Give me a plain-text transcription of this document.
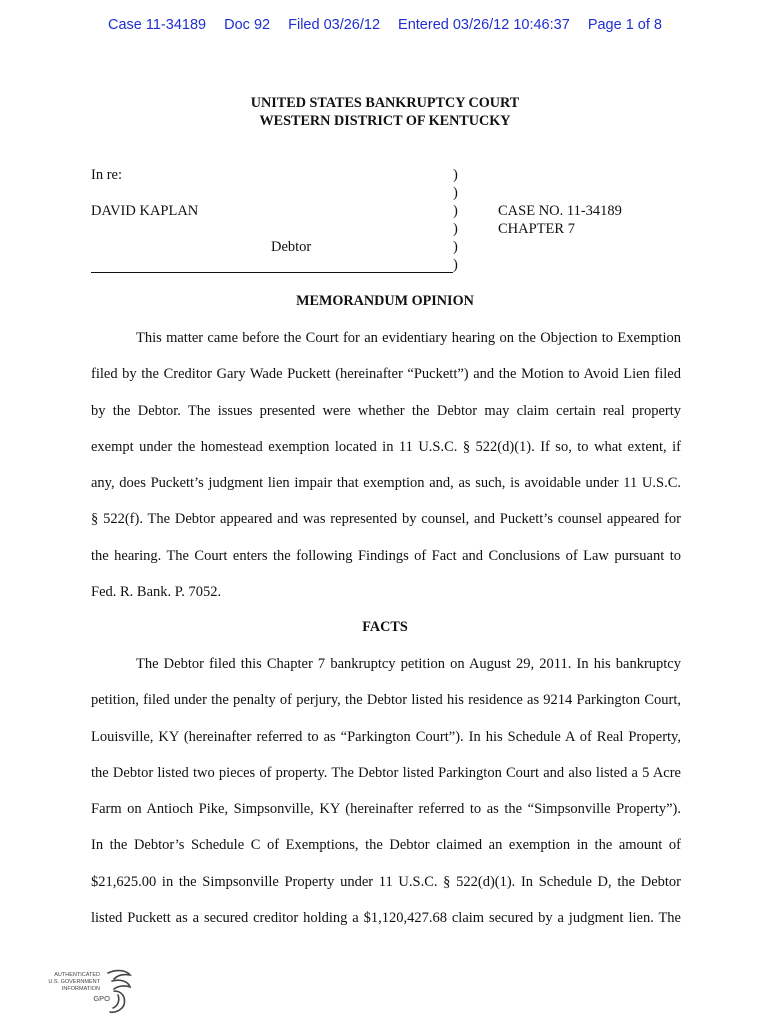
Case 11-34189 Doc 92 Filed 03/26/12 Entered 03/26/12 10:46:37 Page 1 of 8
UNITED STATES BANKRUPTCY COURT
WESTERN DISTRICT OF KENTUCKY
In re:
DAVID KAPLAN
Debtor
)
)
)
)
)
)
CASE NO. 11-34189
CHAPTER 7
MEMORANDUM OPINION
This matter came before the Court for an evidentiary hearing on the Objection to Exemption
filed by the Creditor Gary Wade Puckett (hereinafter “Puckett”) and the Motion to Avoid Lien filed
by the Debtor. The issues presented were whether the Debtor may claim certain real property
exempt under the homestead exemption located in 11 U.S.C. § 522(d)(1). If so, to what extent, if
any, does Puckett’s judgment lien impair that exemption and, as such, is avoidable under 11 U.S.C.
§ 522(f). The Debtor appeared and was represented by counsel, and Puckett’s counsel appeared for
the hearing. The Court enters the following Findings of Fact and Conclusions of Law pursuant to
Fed. R. Bank. P. 7052.
FACTS
The Debtor filed this Chapter 7 bankruptcy petition on August 29, 2011. In his bankruptcy
petition, filed under the penalty of perjury, the Debtor listed his residence as 9214 Parkington Court,
Louisville, KY (hereinafter referred to as “Parkington Court”). In his Schedule A of Real Property,
the Debtor listed two pieces of property. The Debtor listed Parkington Court and also listed a 5 Acre
Farm on Antioch Pike, Simpsonville, KY (hereinafter referred to as the “Simpsonville Property”).
In the Debtor’s Schedule C of Exemptions, the Debtor claimed an exemption in the amount of
$21,625.00 in the Simpsonville Property under 11 U.S.C. § 522(d)(1). In Schedule D, the Debtor
listed Puckett as a secured creditor holding a $1,120,427.68 claim secured by a judgment lien. The
AUTHENTICATED
U.S. GOVERNMENT
INFORMATION
GPO
